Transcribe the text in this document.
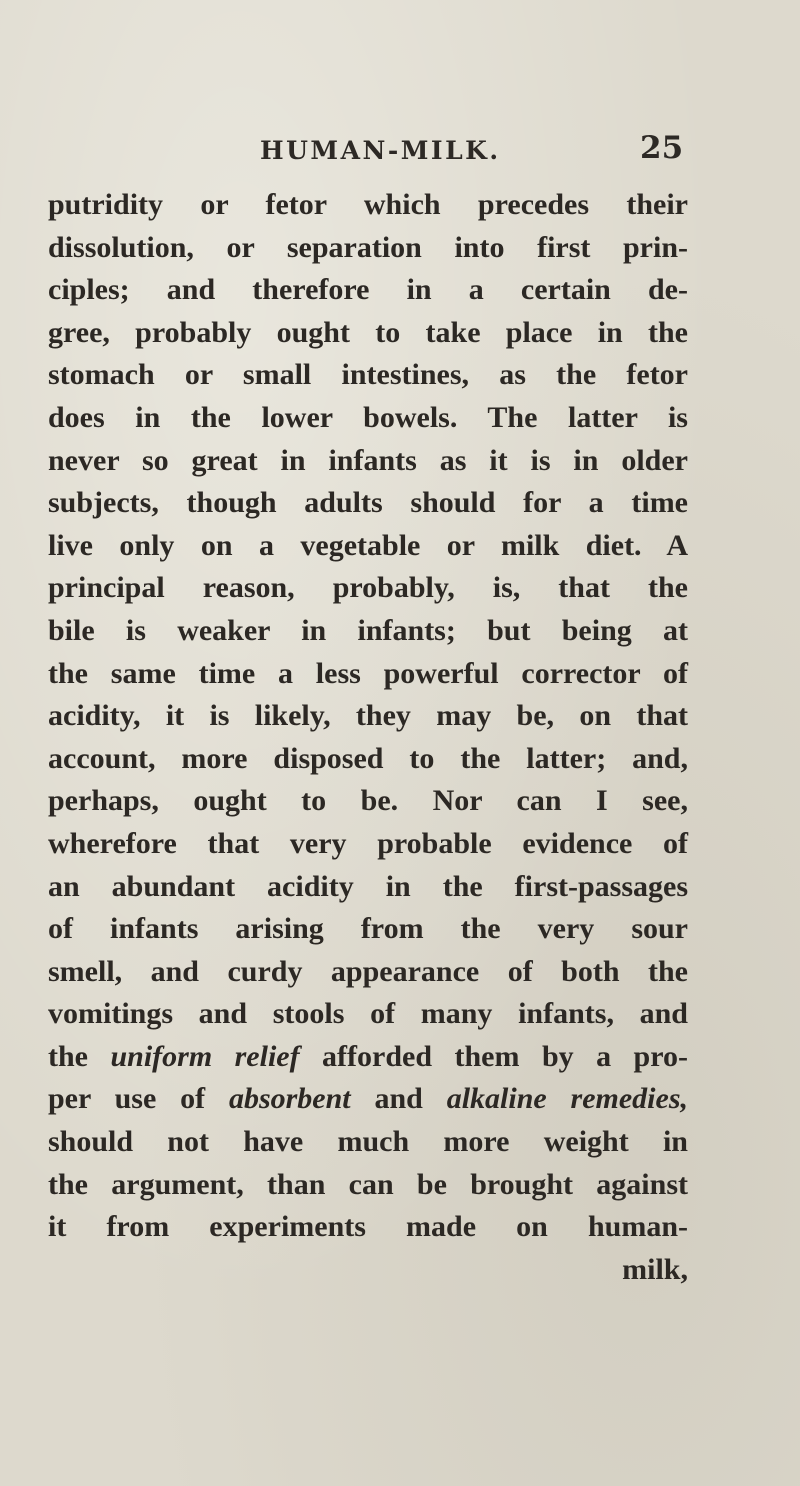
HUMAN-MILK.	25
putridity or fetor which precedes their
dissolution, or separation into first prin-
ciples; and therefore in a certain de-
gree, probably ought to take place in the
stomach or small intestines, as the fetor
does in the lower bowels. The latter is
never so great in infants as it is in older
subjects, though adults should for a time
live only on a vegetable or milk diet. A
principal reason, probably, is, that the
bile is weaker in infants; but being at
the same time a less powerful corrector of
acidity, it is likely, they may be, on that
account, more disposed to the latter; and,
perhaps, ought to be. Nor can I see,
wherefore that very probable evidence of
an abundant acidity in the first-passages
of infants arising from the very sour
smell, and curdy appearance of both the
vomitings and stools of many infants, and
the uniform relief afforded them by a pro-
per use of absorbent and alkaline remedies,
should not have much more weight in
the argument, than can be brought against
it from experiments made on human-
milk,
